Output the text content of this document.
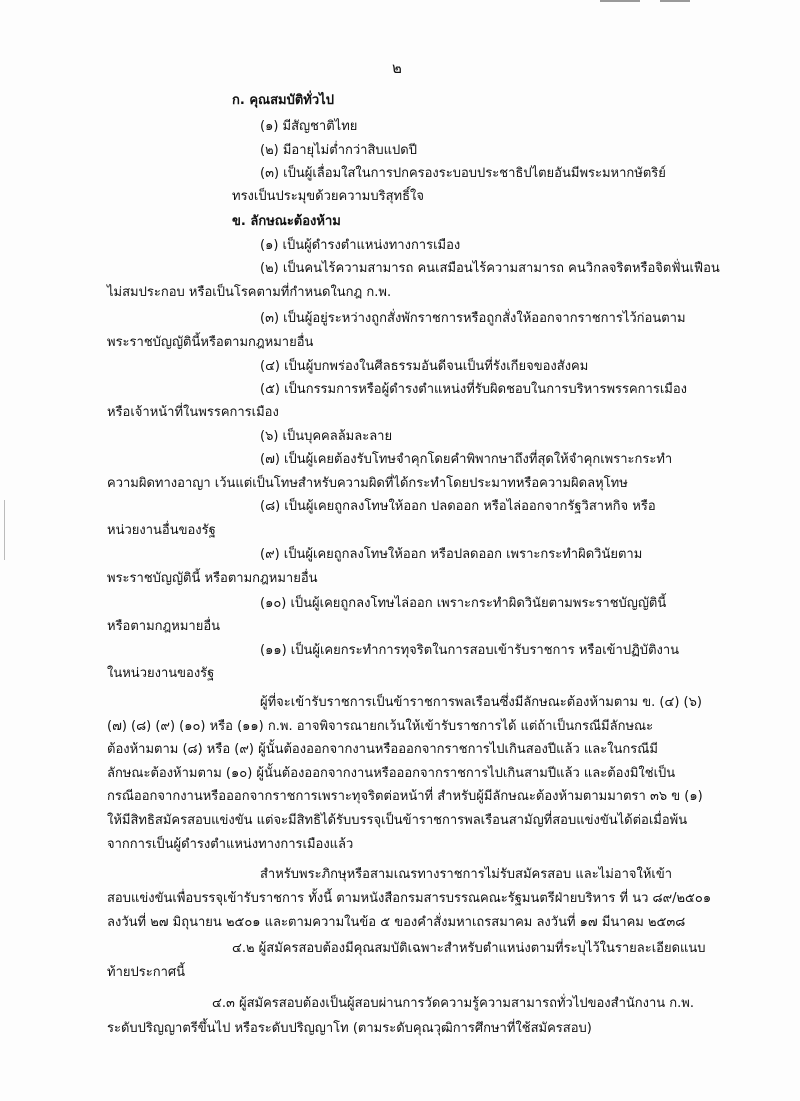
๒
ก. คุณสมบัติทั่วไป
(๑) มีสัญชาติไทย
(๒) มีอายุไม่ต่ำกว่าสิบแปดปี
(๓) เป็นผู้เลื่อมใสในการปกครองระบอบประชาธิปไตยอันมีพระมหากษัตริย์
ทรงเป็นประมุขด้วยความบริสุทธิ์ใจ
ข. ลักษณะต้องห้าม
(๑) เป็นผู้ดำรงตำแหน่งทางการเมือง
(๒) เป็นคนไร้ความสามารถ คนเสมือนไร้ความสามารถ คนวิกลจริตหรือจิตฟั่นเฟือน
ไม่สมประกอบ หรือเป็นโรคตามที่กำหนดในกฎ ก.พ.
(๓) เป็นผู้อยู่ระหว่างถูกสั่งพักราชการหรือถูกสั่งให้ออกจากราชการไว้ก่อนตาม
พระราชบัญญัตินี้หรือตามกฎหมายอื่น
(๔) เป็นผู้บกพร่องในศีลธรรมอันดีจนเป็นที่รังเกียจของสังคม
(๕) เป็นกรรมการหรือผู้ดำรงตำแหน่งที่รับผิดชอบในการบริหารพรรคการเมือง
หรือเจ้าหน้าที่ในพรรคการเมือง
(๖) เป็นบุคคลล้มละลาย
(๗) เป็นผู้เคยต้องรับโทษจำคุกโดยคำพิพากษาถึงที่สุดให้จำคุกเพราะกระทำ
ความผิดทางอาญา เว้นแต่เป็นโทษสำหรับความผิดที่ได้กระทำโดยประมาทหรือความผิดลหุโทษ
(๘) เป็นผู้เคยถูกลงโทษให้ออก ปลดออก หรือไล่ออกจากรัฐวิสาหกิจ หรือ
หน่วยงานอื่นของรัฐ
(๙) เป็นผู้เคยถูกลงโทษให้ออก หรือปลดออก เพราะกระทำผิดวินัยตาม
พระราชบัญญัตินี้ หรือตามกฎหมายอื่น
(๑๐) เป็นผู้เคยถูกลงโทษไล่ออก เพราะกระทำผิดวินัยตามพระราชบัญญัตินี้
หรือตามกฎหมายอื่น
(๑๑) เป็นผู้เคยกระทำการทุจริตในการสอบเข้ารับราชการ หรือเข้าปฏิบัติงาน
ในหน่วยงานของรัฐ
ผู้ที่จะเข้ารับราชการเป็นข้าราชการพลเรือนซึ่งมีลักษณะต้องห้ามตาม ข. (๔) (๖)
(๗) (๘) (๙) (๑๐) หรือ (๑๑) ก.พ. อาจพิจารณายกเว้นให้เข้ารับราชการได้ แต่ถ้าเป็นกรณีมีลักษณะ
ต้องห้ามตาม (๘) หรือ (๙) ผู้นั้นต้องออกจากงานหรือออกจากราชการไปเกินสองปีแล้ว และในกรณีมี
ลักษณะต้องห้ามตาม (๑๐) ผู้นั้นต้องออกจากงานหรือออกจากราชการไปเกินสามปีแล้ว และต้องมิใช่เป็น
กรณีออกจากงานหรือออกจากราชการเพราะทุจริตต่อหน้าที่ สำหรับผู้มีลักษณะต้องห้ามตามมาตรา ๓๖ ข (๑)
ให้มีสิทธิสมัครสอบแข่งขัน แต่จะมีสิทธิได้รับบรรจุเป็นข้าราชการพลเรือนสามัญที่สอบแข่งขันได้ต่อเมื่อพ้น
จากการเป็นผู้ดำรงตำแหน่งทางการเมืองแล้ว
สำหรับพระภิกษุหรือสามเณรทางราชการไม่รับสมัครสอบ และไม่อาจให้เข้า
สอบแข่งขันเพื่อบรรจุเข้ารับราชการ ทั้งนี้ ตามหนังสือกรมสารบรรณคณะรัฐมนตรีฝ่ายบริหาร ที่ นว ๘๙/๒๕๐๑
ลงวันที่ ๒๗ มิถุนายน ๒๕๐๑ และตามความในข้อ ๕ ของคำสั่งมหาเถรสมาคม ลงวันที่ ๑๗ มีนาคม ๒๕๓๘
๔.๒ ผู้สมัครสอบต้องมีคุณสมบัติเฉพาะสำหรับตำแหน่งตามที่ระบุไว้ในรายละเอียดแนบ
ท้ายประกาศนี้
๔.๓ ผู้สมัครสอบต้องเป็นผู้สอบผ่านการวัดความรู้ความสามารถทั่วไปของสำนักงาน ก.พ.
ระดับปริญญาตรีขึ้นไป หรือระดับปริญญาโท (ตามระดับคุณวุฒิการศึกษาที่ใช้สมัครสอบ)
